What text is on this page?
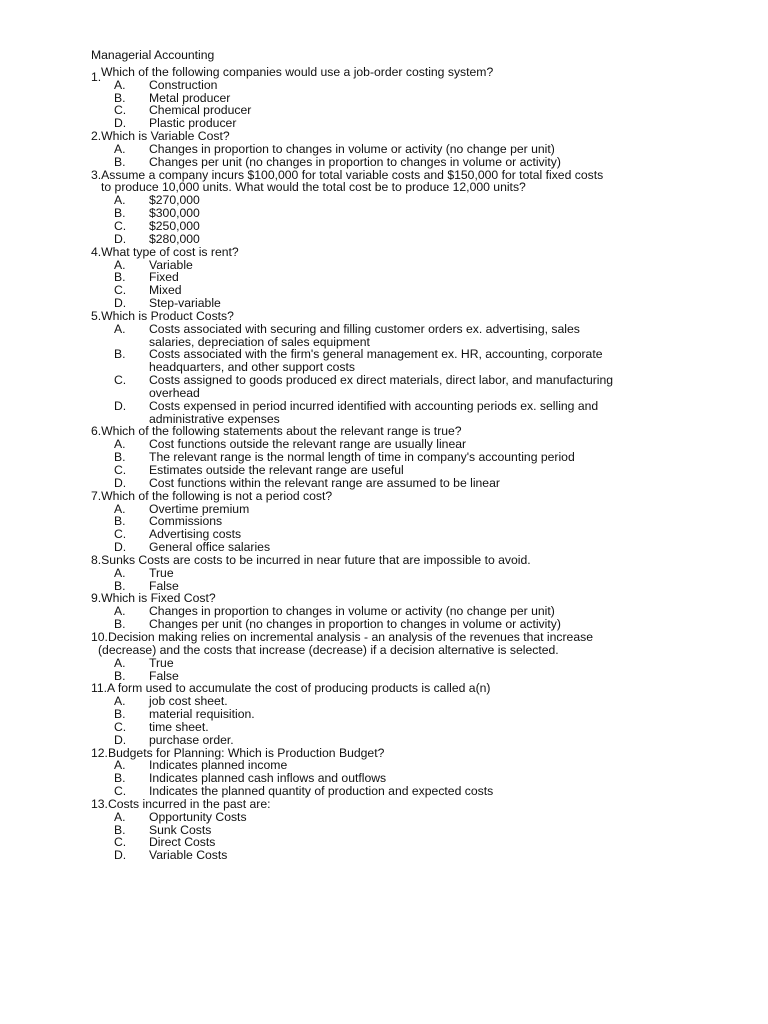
Managerial Accounting
1. Which of the following companies would use a job-order costing system?
A.	Construction
B.	Metal producer
C.	Chemical producer
D.	Plastic producer
2.Which is Variable Cost?
A.	Changes in proportion to changes in volume or activity (no change per unit)
B.	Changes per unit (no changes in proportion to changes in volume or activity)
3.Assume a company incurs $100,000 for total variable costs and $150,000 for total fixed costs
to produce 10,000 units. What would the total cost be to produce 12,000 units?
A.	$270,000
B.	$300,000
C.	$250,000
D.	$280,000
4.What type of cost is rent?
A.	Variable
B.	Fixed
C.	Mixed
D.	Step-variable
5.Which is Product Costs?
A.	Costs associated with securing and filling customer orders ex. advertising, sales
salaries, depreciation of sales equipment
B.	Costs associated with the firm's general management ex. HR, accounting, corporate
headquarters, and other support costs
C.	Costs assigned to goods produced ex direct materials, direct labor, and manufacturing
overhead
D.	Costs expensed in period incurred identified with accounting periods ex. selling and
administrative expenses
6.Which of the following statements about the relevant range is true?
A.	Cost functions outside the relevant range are usually linear
B.	The relevant range is the normal length of time in company's accounting period
C.	Estimates outside the relevant range are useful
D.	Cost functions within the relevant range are assumed to be linear
7.Which of the following is not a period cost?
A.	Overtime premium
B.	Commissions
C.	Advertising costs
D.	General office salaries
8.Sunks Costs are costs to be incurred in near future that are impossible to avoid.
A.	True
B.	False
9.Which is Fixed Cost?
A.	Changes in proportion to changes in volume or activity (no change per unit)
B.	Changes per unit (no changes in proportion to changes in volume or activity)
10.Decision making relies on incremental analysis - an analysis of the revenues that increase
(decrease) and the costs that increase (decrease) if a decision alternative is selected.
A.	True
B.	False
11.A form used to accumulate the cost of producing products is called a(n)
A.	job cost sheet.
B.	material requisition.
C.	time sheet.
D.	purchase order.
12.Budgets for Planning: Which is Production Budget?
A.	Indicates planned income
B.	Indicates planned cash inflows and outflows
C.	Indicates the planned quantity of production and expected costs
13.Costs incurred in the past are:
A.	Opportunity Costs
B.	Sunk Costs
C.	Direct Costs
D.	Variable Costs
